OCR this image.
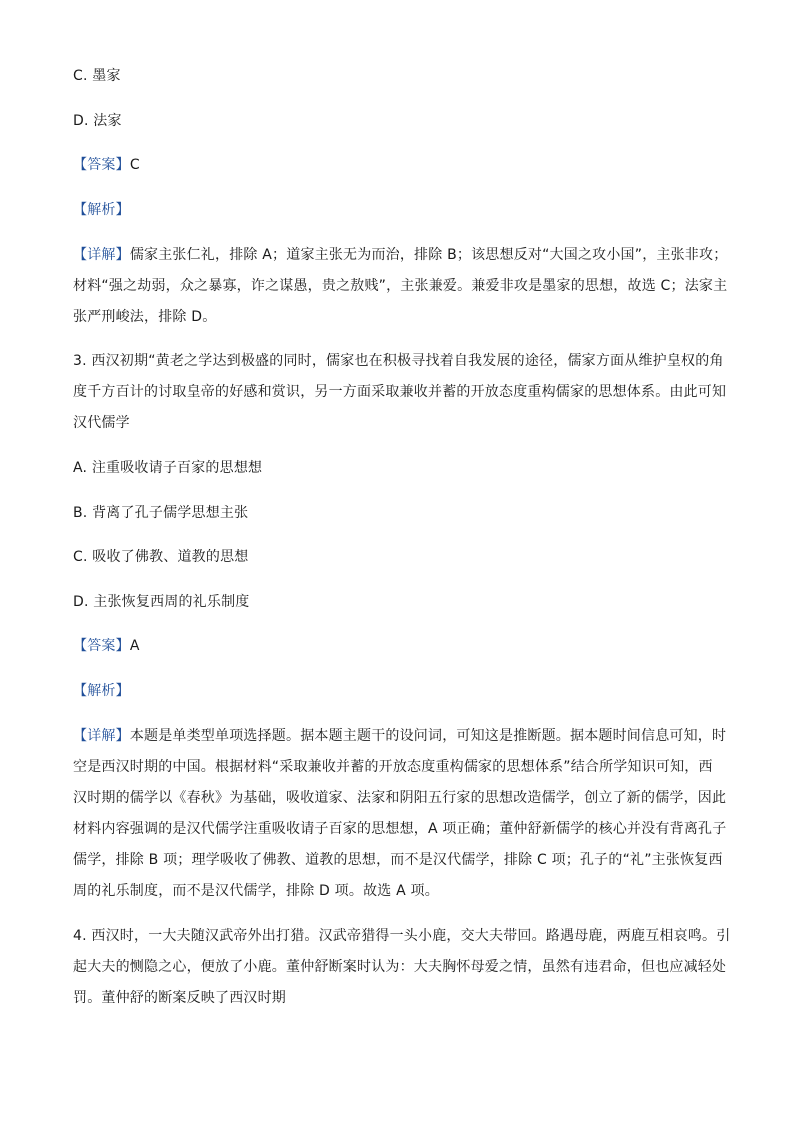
C. 墨家
D. 法家
【答案】C
【解析】
【详解】儒家主张仁礼，排除 A；道家主张无为而治，排除 B；该思想反对“大国之攻小国”，主张非攻；
材料“强之劫弱，众之暴寡，诈之谋愚，贵之敖贱”，主张兼爱。兼爱非攻是墨家的思想，故选 C；法家主
张严刑峻法，排除 D。
3. 西汉初期“黄老之学达到极盛的同时，儒家也在积极寻找着自我发展的途径，儒家方面从维护皇权的角
度千方百计的讨取皇帝的好感和赏识，另一方面采取兼收并蓄的开放态度重构儒家的思想体系。由此可知
汉代儒学
A. 注重吸收请子百家的思想想
B. 背离了孔子儒学思想主张
C. 吸收了佛教、道教的思想
D. 主张恢复西周的礼乐制度
【答案】A
【解析】
【详解】本题是单类型单项选择题。据本题主题干的设问词，可知这是推断题。据本题时间信息可知，时
空是西汉时期的中国。根据材料“采取兼收并蓄的开放态度重构儒家的思想体系”结合所学知识可知，西
汉时期的儒学以《春秋》为基础，吸收道家、法家和阴阳五行家的思想改造儒学，创立了新的儒学，因此
材料内容强调的是汉代儒学注重吸收请子百家的思想想，A 项正确；董仲舒新儒学的核心并没有背离孔子
儒学，排除 B 项；理学吸收了佛教、道教的思想，而不是汉代儒学，排除 C 项；孔子的“礼”主张恢复西
周的礼乐制度，而不是汉代儒学，排除 D 项。故选 A 项。
4. 西汉时，一大夫随汉武帝外出打猎。汉武帝猎得一头小鹿，交大夫带回。路遇母鹿，两鹿互相哀鸣。引
起大夫的恻隐之心，便放了小鹿。董仲舒断案时认为：大夫胸怀母爱之情，虽然有违君命，但也应减轻处
罚。董仲舒的断案反映了西汉时期
